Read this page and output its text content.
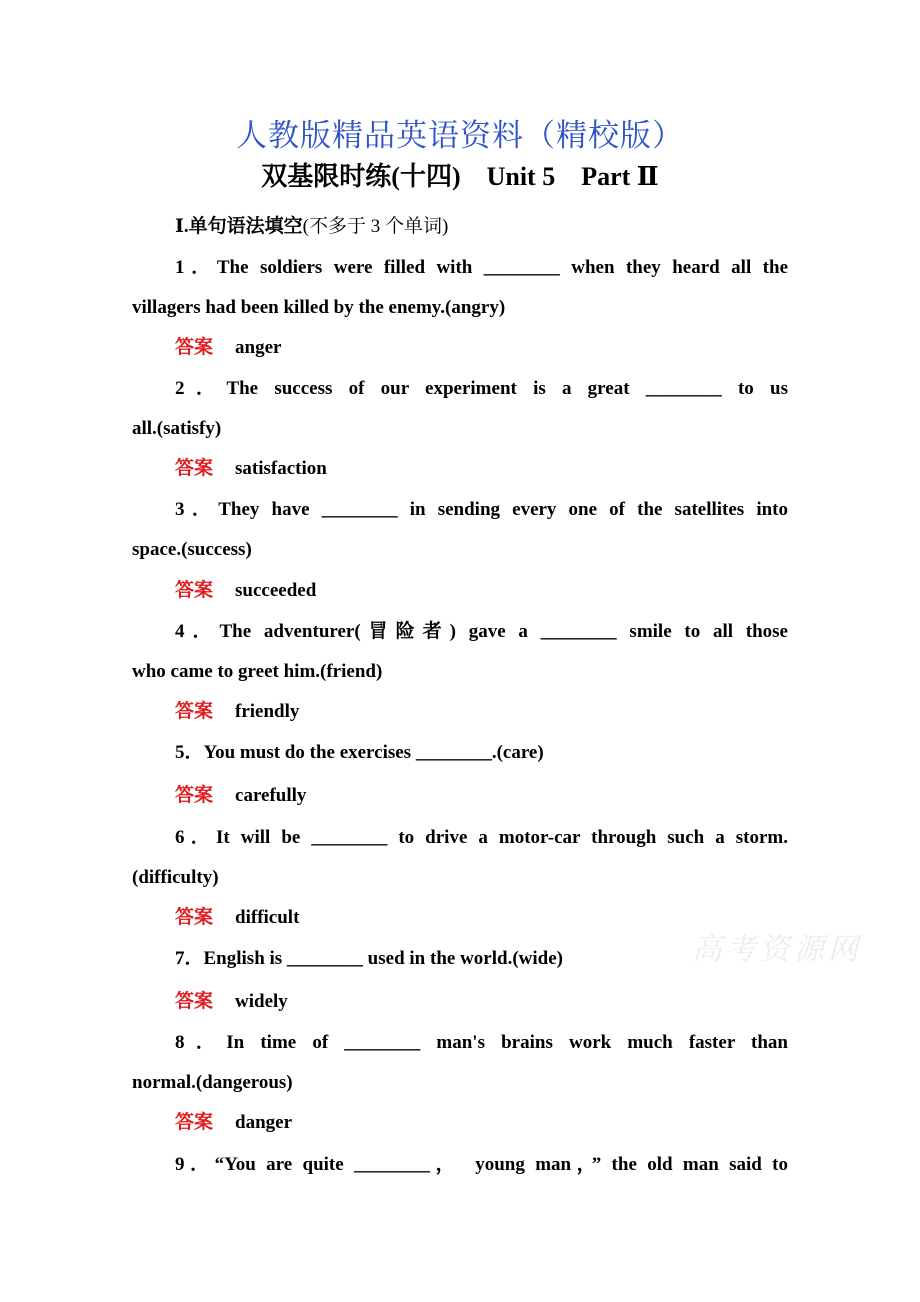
人教版精品英语资料（精校版）
双基限时练(十四)　Unit 5　Part Ⅱ
Ⅰ.单句语法填空(不多于 3 个单词)
1．The soldiers were filled with ________ when they heard all the
villagers had been killed by the enemy.(angry)
答案 anger
2．The success of our experiment is a great ________ to us
all.(satisfy)
答案 satisfaction
3．They have ________ in sending every one of the satellites into
space.(success)
答案 succeeded
4．The adventurer(冒险者) gave a ________ smile to all those
who came to greet him.(friend)
答案 friendly
5．You must do the exercises ________.(care)
答案 carefully
6．It will be ________ to drive a motor-car through such a storm.
(difficulty)
答案 difficult
7．English is ________ used in the world.(wide)
答案 widely
8．In time of ________ man's brains work much faster than
normal.(dangerous)
答案 danger
9．“You are quite ________，　young man，” the old man said to
高考资源网
